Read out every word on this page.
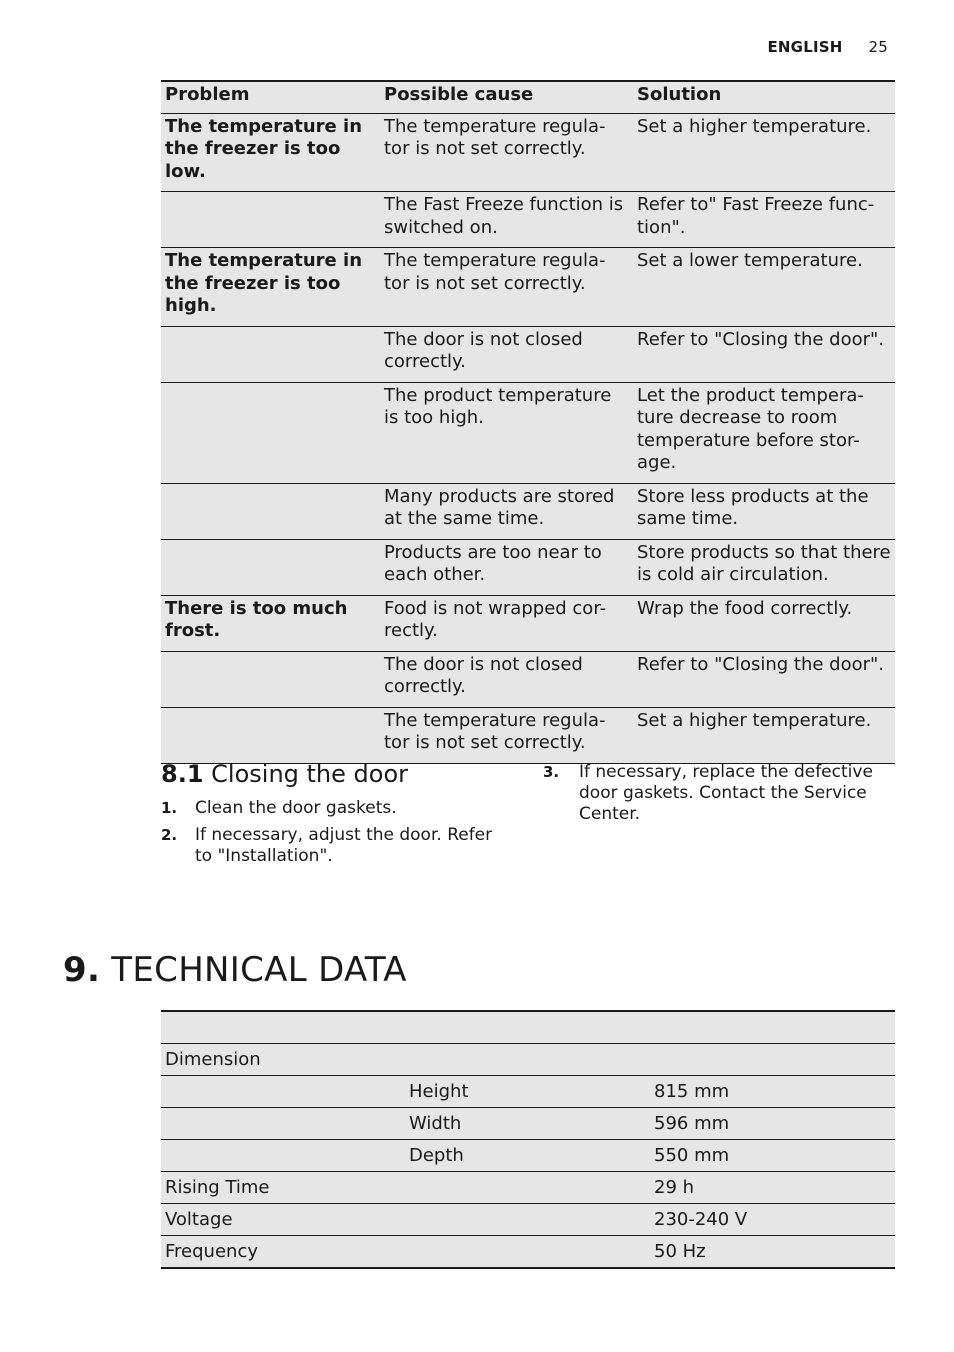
ENGLISH 25
Problem	Possible cause	Solution
The temperature in the freezer is too low.	The temperature regula-tor is not set correctly.	Set a higher temperature.
	The Fast Freeze function is switched on.	Refer to" Fast Freeze func-tion".
The temperature in the freezer is too high.	The temperature regula-tor is not set correctly.	Set a lower temperature.
	The door is not closed correctly.	Refer to "Closing the door".
	The product temperature is too high.	Let the product tempera-ture decrease to room temperature before stor-age.
	Many products are stored at the same time.	Store less products at the same time.
	Products are too near to each other.	Store products so that there is cold air circulation.
There is too much frost.	Food is not wrapped cor-rectly.	Wrap the food correctly.
	The door is not closed correctly.	Refer to "Closing the door".
	The temperature regula-tor is not set correctly.	Set a higher temperature.
8.1 Closing the door
1. Clean the door gaskets.
2. If necessary, adjust the door. Refer to "Installation".
3. If necessary, replace the defective door gaskets. Contact the Service Center.
9. TECHNICAL DATA

Dimension		
	Height	815 mm
	Width	596 mm
	Depth	550 mm
Rising Time		29 h
Voltage		230-240 V
Frequency		50 Hz
